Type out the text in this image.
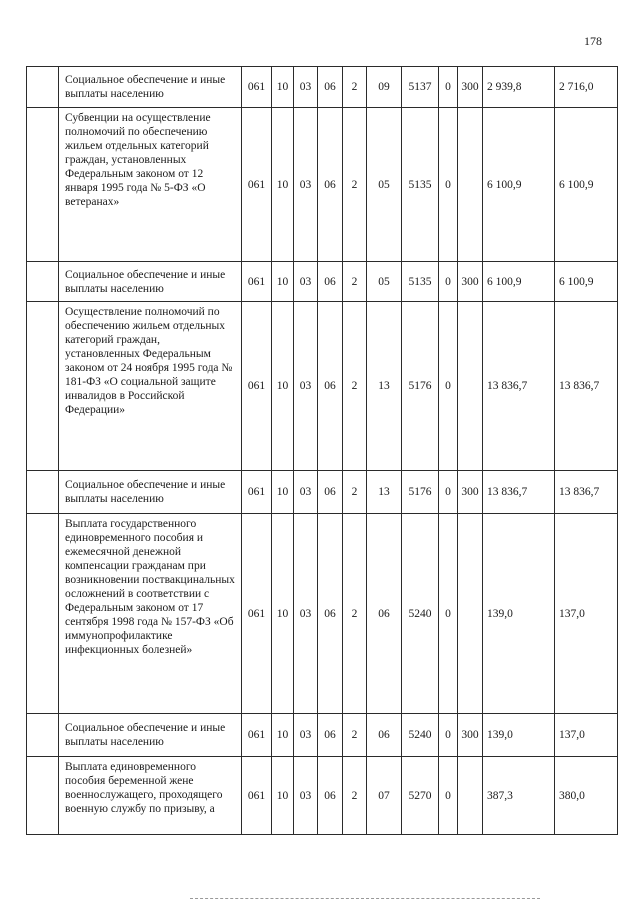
178
	Социальное обеспечение и иные выплаты населению	061	10	03	06	2	09	5137	0	300	2 939,8	2 716,0
	Субвенции на осуществление полномочий по обеспечению жильем отдельных категорий граждан, установленных Федеральным законом от 12 января 1995 года № 5-ФЗ «О ветеранах»	061	10	03	06	2	05	5135	0		6 100,9	6 100,9
	Социальное обеспечение и иные выплаты населению	061	10	03	06	2	05	5135	0	300	6 100,9	6 100,9
	Осуществление полномочий по обеспечению жильем отдельных категорий граждан, установленных Федеральным законом от 24 ноября 1995 года № 181-ФЗ «О социальной защите инвалидов в Российской Федерации»	061	10	03	06	2	13	5176	0		13 836,7	13 836,7
	Социальное обеспечение и иные выплаты населению	061	10	03	06	2	13	5176	0	300	13 836,7	13 836,7
	Выплата государственного единовременного пособия и ежемесячной денежной компенсации гражданам при возникновении поствакцинальных осложнений в соответствии с Федеральным законом от 17 сентября 1998 года № 157-ФЗ «Об иммунопрофилактике инфекционных болезней»	061	10	03	06	2	06	5240	0		139,0	137,0
	Социальное обеспечение и иные выплаты населению	061	10	03	06	2	06	5240	0	300	139,0	137,0
	Выплата единовременного пособия беременной жене военнослужащего, проходящего военную службу по призыву, а	061	10	03	06	2	07	5270	0		387,3	380,0
